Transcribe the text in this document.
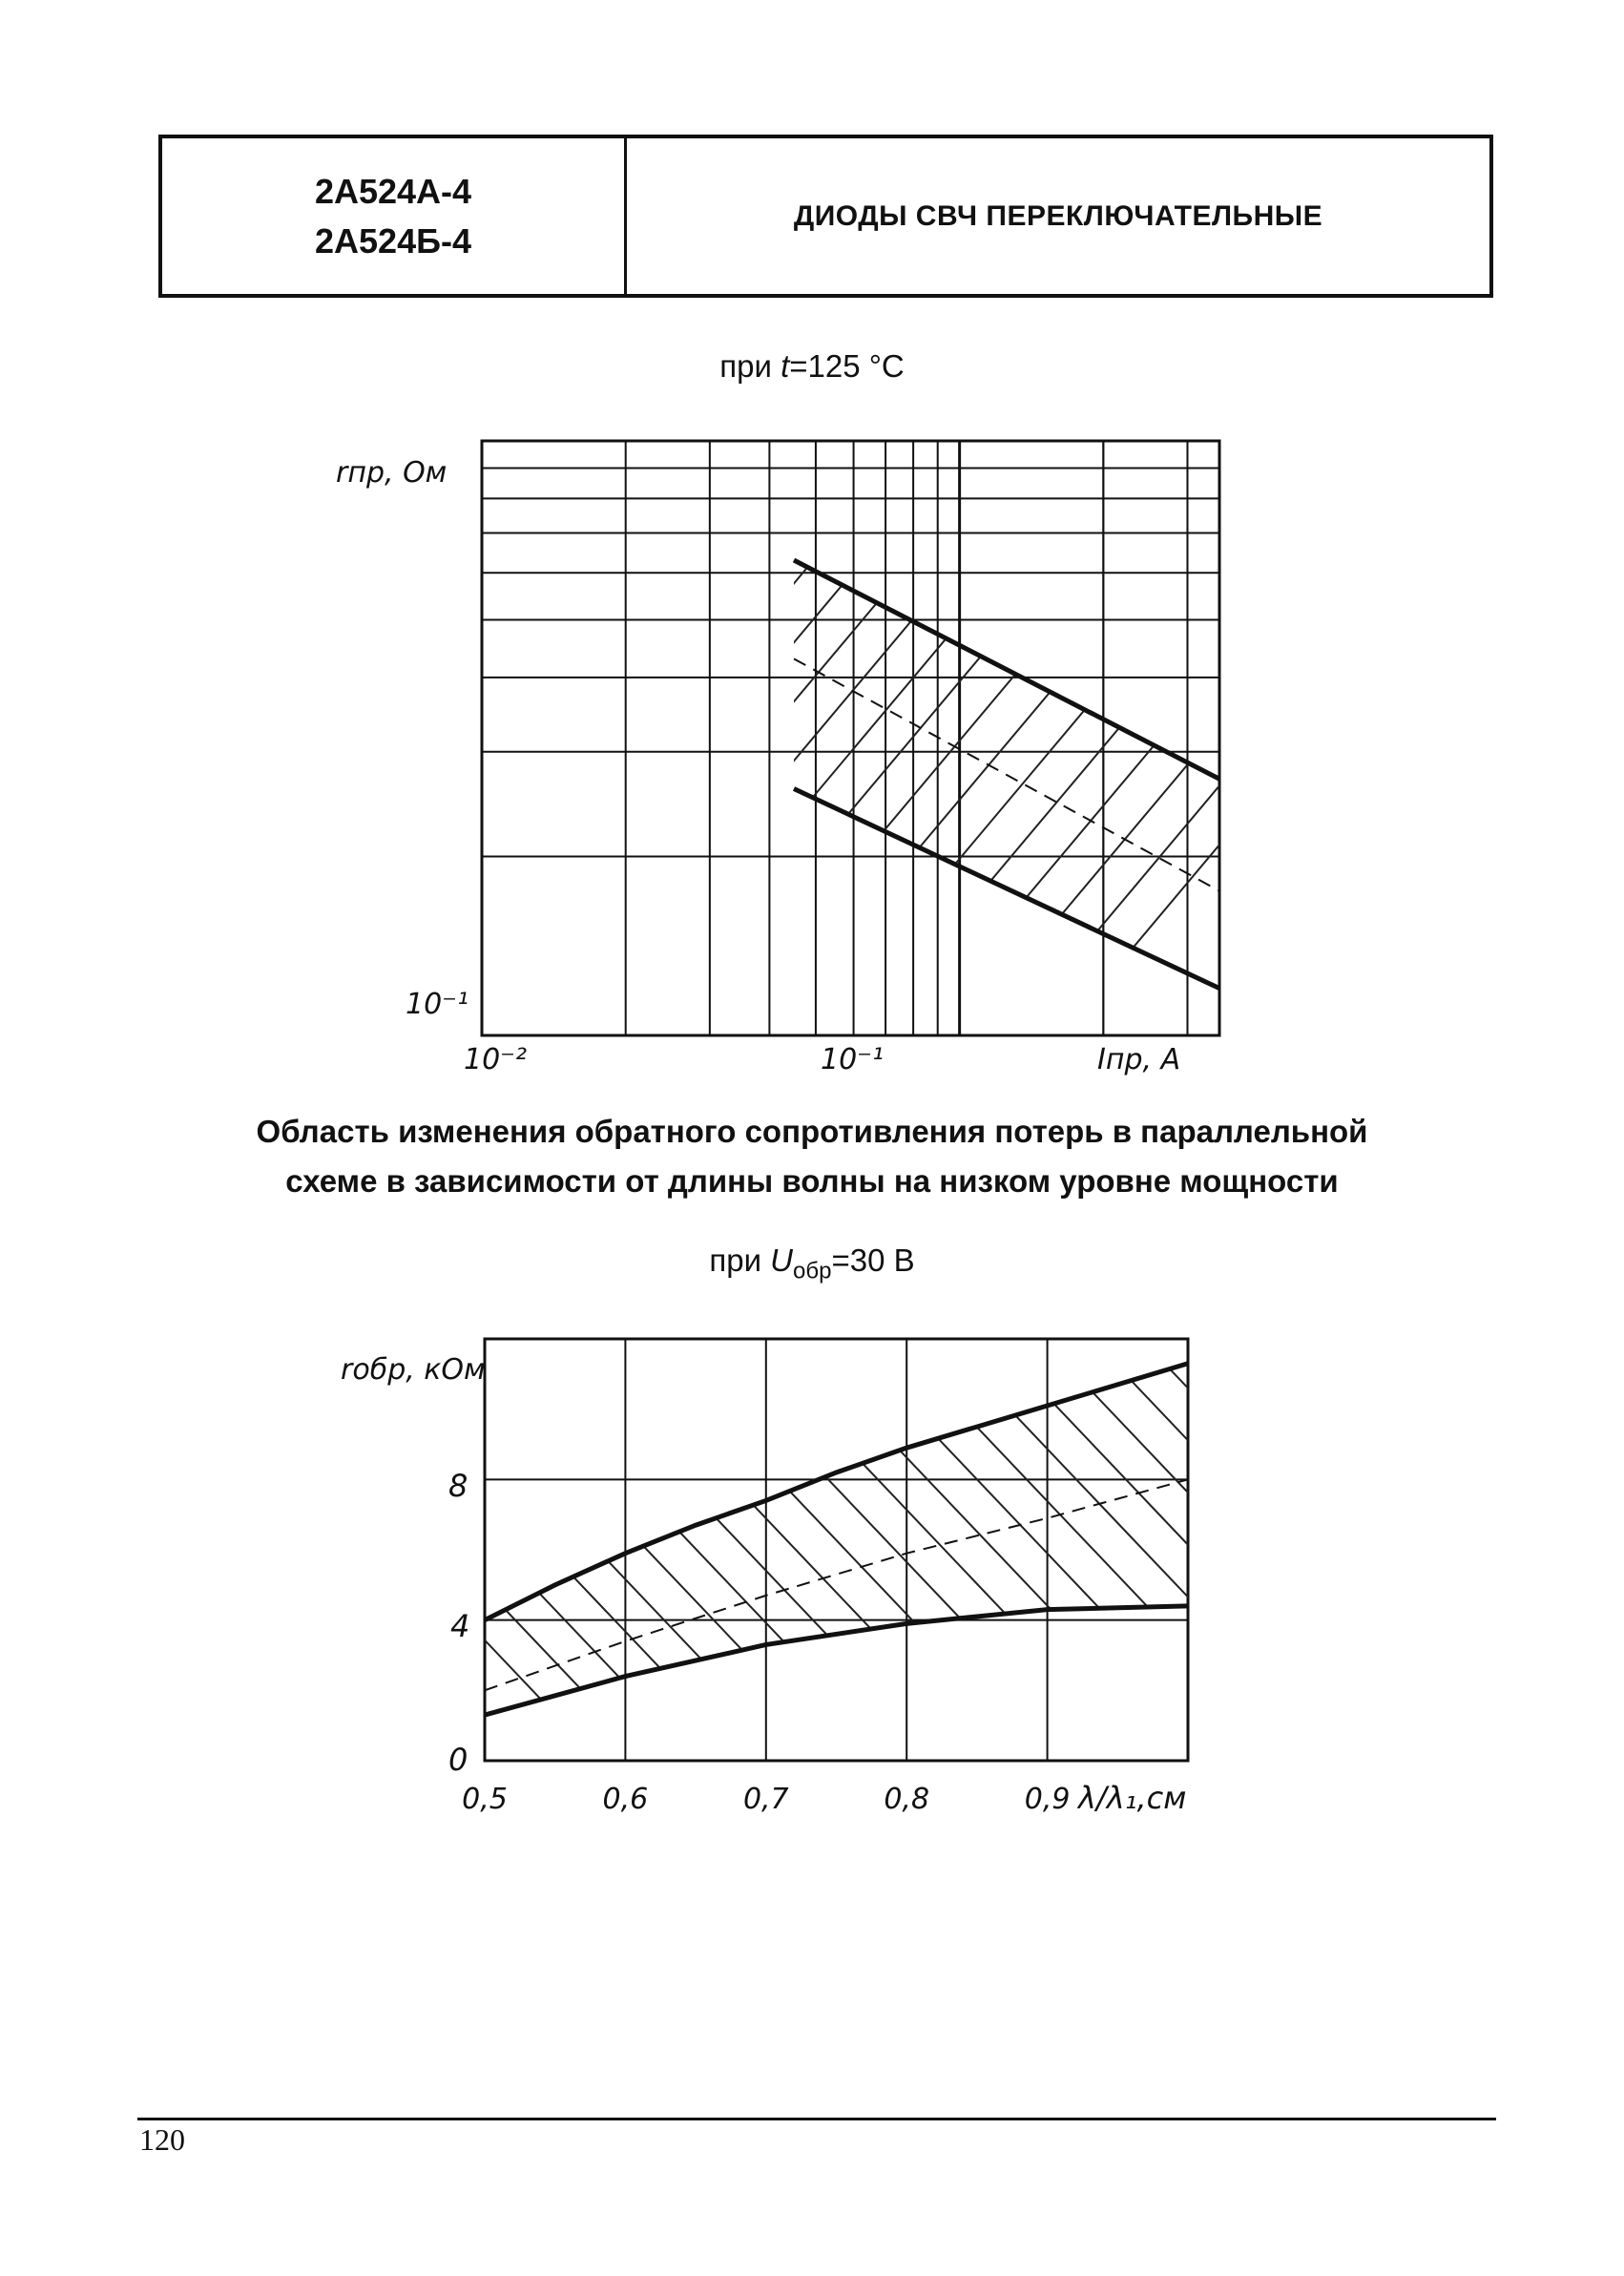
2А524А-4
2А524Б-4
ДИОДЫ СВЧ ПЕРЕКЛЮЧАТЕЛЬНЫЕ
при t=125 °C
Область изменения обратного сопротивления потерь в параллельной
схеме в зависимости от длины волны на низком уровне мощности
при $U_{обр}=30$ В
rпр, Ом
10⁻¹
10⁻²	10⁻¹	Iпр, А
rобр, кОм
0
4
8
0,5	0,6	0,7	0,8	0,9 λ/λ₁,см
120
